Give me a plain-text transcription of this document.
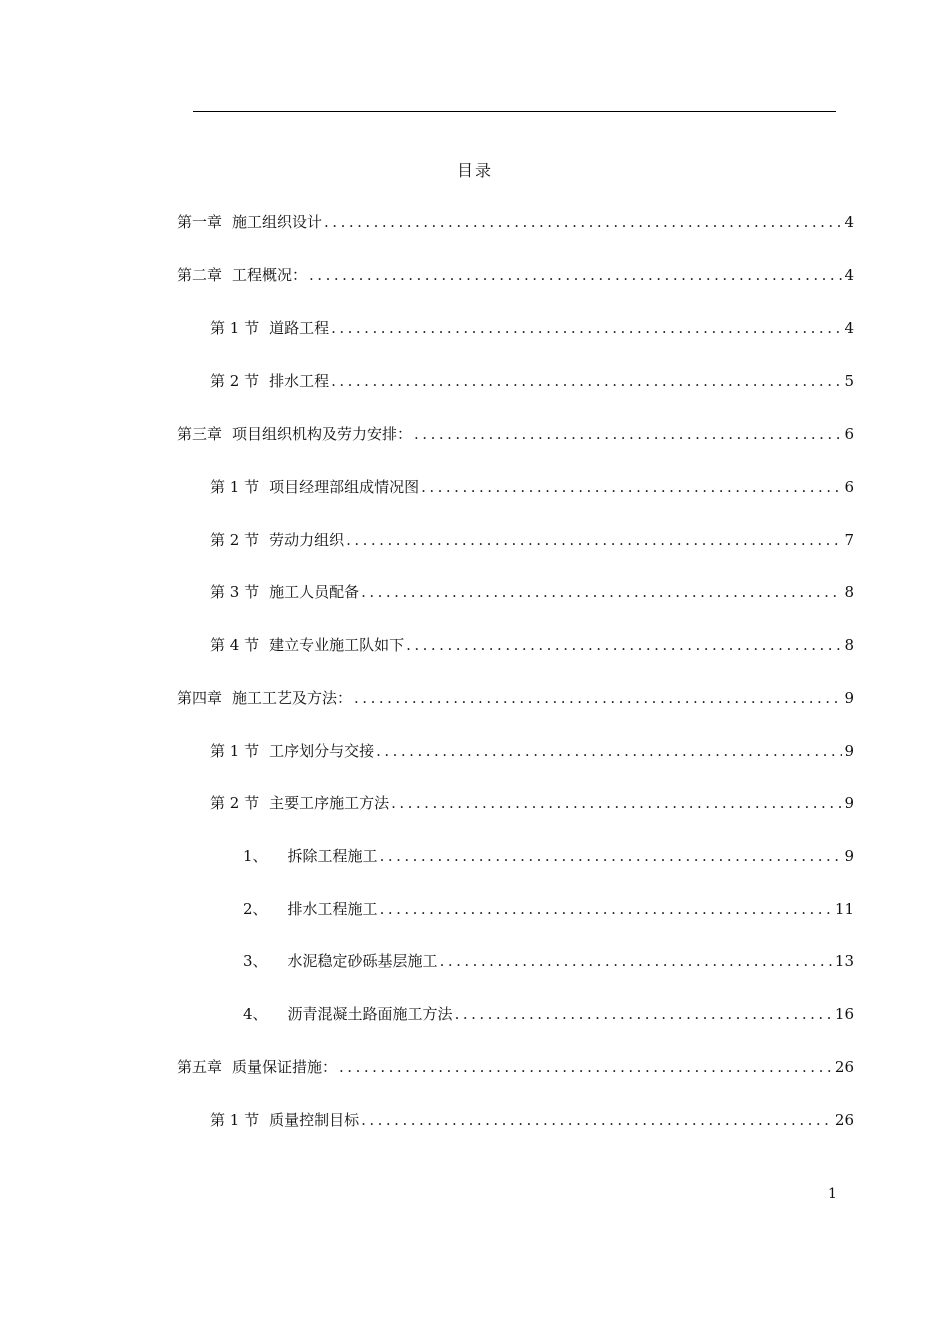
目录
第一章 施工组织设计 .....	4
第二章 工程概况： .....	4
第 1 节 道路工程 .....	4
第 2 节 排水工程 .....	5
第三章 项目组织机构及劳力安排： .....	6
第 1 节 项目经理部组成情况图 .....	6
第 2 节 劳动力组织 .....	7
第 3 节 施工人员配备 .....	8
第 4 节 建立专业施工队如下 .....	8
第四章 施工工艺及方法： .....	9
第 1 节 工序划分与交接 .....	9
第 2 节 主要工序施工方法 .....	9
1、 拆除工程施工 .....	9
2、 排水工程施工 .....	11
3、 水泥稳定砂砾基层施工 .....	13
4、 沥青混凝土路面施工方法 .....	16
第五章 质量保证措施： .....	26
第 1 节 质量控制目标 .....	26
1
